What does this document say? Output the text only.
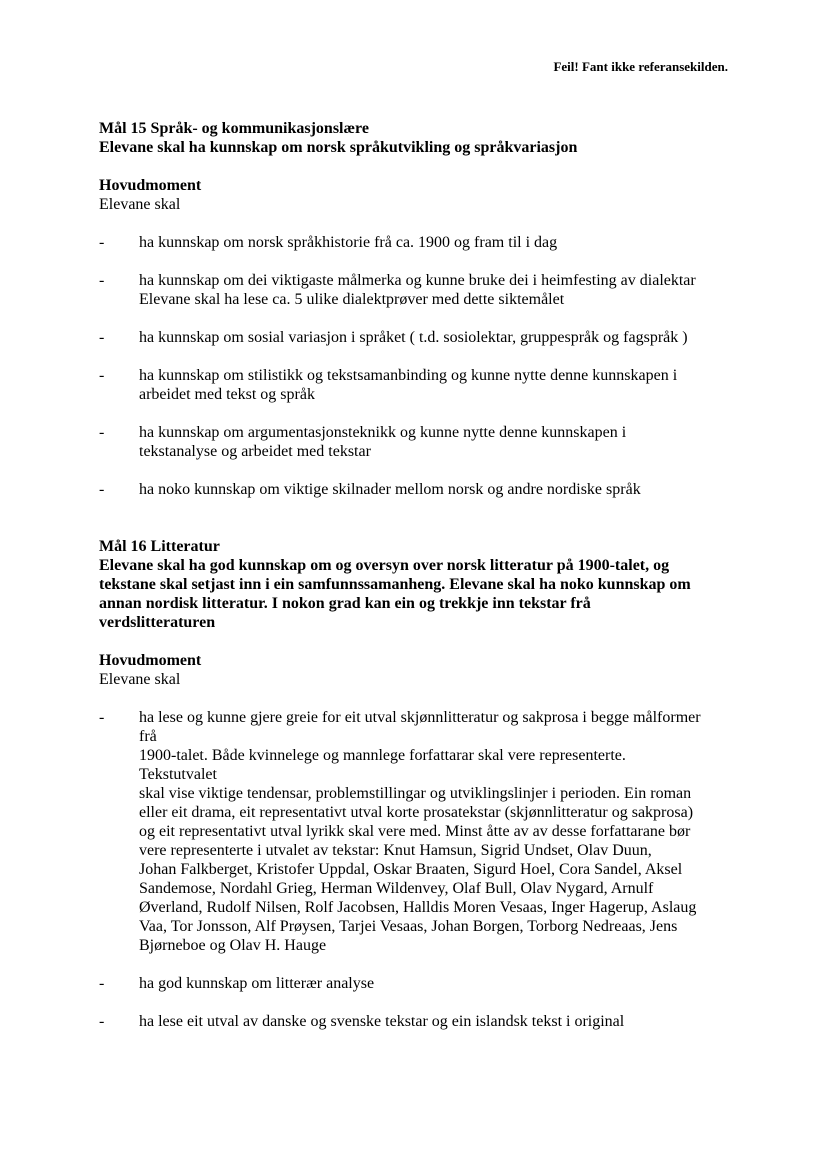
Feil! Fant ikke referansekilden.
Mål 15 Språk- og kommunikasjonslære
Elevane skal ha kunnskap om norsk språkutvikling og språkvariasjon
Hovudmoment
Elevane skal
- ha kunnskap om norsk språkhistorie frå ca. 1900 og fram til i dag
- ha kunnskap om dei viktigaste målmerka og kunne bruke dei i heimfesting av dialektar
Elevane skal ha lese ca. 5 ulike dialektprøver med dette siktemålet
- ha kunnskap om sosial variasjon i språket ( t.d. sosiolektar, gruppespråk og fagspråk )
- ha kunnskap om stilistikk og tekstsamanbinding og kunne nytte denne kunnskapen i
arbeidet med tekst og språk
- ha kunnskap om argumentasjonsteknikk og kunne nytte denne kunnskapen i
tekstanalyse og arbeidet med tekstar
- ha noko kunnskap om viktige skilnader mellom norsk og andre nordiske språk
Mål 16 Litteratur
Elevane skal ha god kunnskap om og oversyn over norsk litteratur på 1900-talet, og
tekstane skal setjast inn i ein samfunnssamanheng. Elevane skal ha noko kunnskap om
annan nordisk litteratur. I nokon grad kan ein og trekkje inn tekstar frå
verdslitteraturen
Hovudmoment
Elevane skal
- ha lese og kunne gjere greie for eit utval skjønnlitteratur og sakprosa i begge målformer
frå
1900-talet. Både kvinnelege og mannlege forfattarar skal vere representerte.
Tekstutvalet
skal vise viktige tendensar, problemstillingar og utviklingslinjer i perioden. Ein roman
eller eit drama, eit representativt utval korte prosatekstar (skjønnlitteratur og sakprosa)
og eit representativt utval lyrikk skal vere med. Minst åtte av av desse forfattarane bør
vere representerte i utvalet av tekstar: Knut Hamsun, Sigrid Undset, Olav Duun,
Johan Falkberget, Kristofer Uppdal, Oskar Braaten, Sigurd Hoel, Cora Sandel, Aksel
Sandemose, Nordahl Grieg, Herman Wildenvey, Olaf Bull, Olav Nygard, Arnulf
Øverland, Rudolf Nilsen, Rolf Jacobsen, Halldis Moren Vesaas, Inger Hagerup, Aslaug
Vaa, Tor Jonsson, Alf Prøysen, Tarjei Vesaas, Johan Borgen, Torborg Nedreaas, Jens
Bjørneboe og Olav H. Hauge
- ha god kunnskap om litterær analyse
- ha lese eit utval av danske og svenske tekstar og ein islandsk tekst i original
